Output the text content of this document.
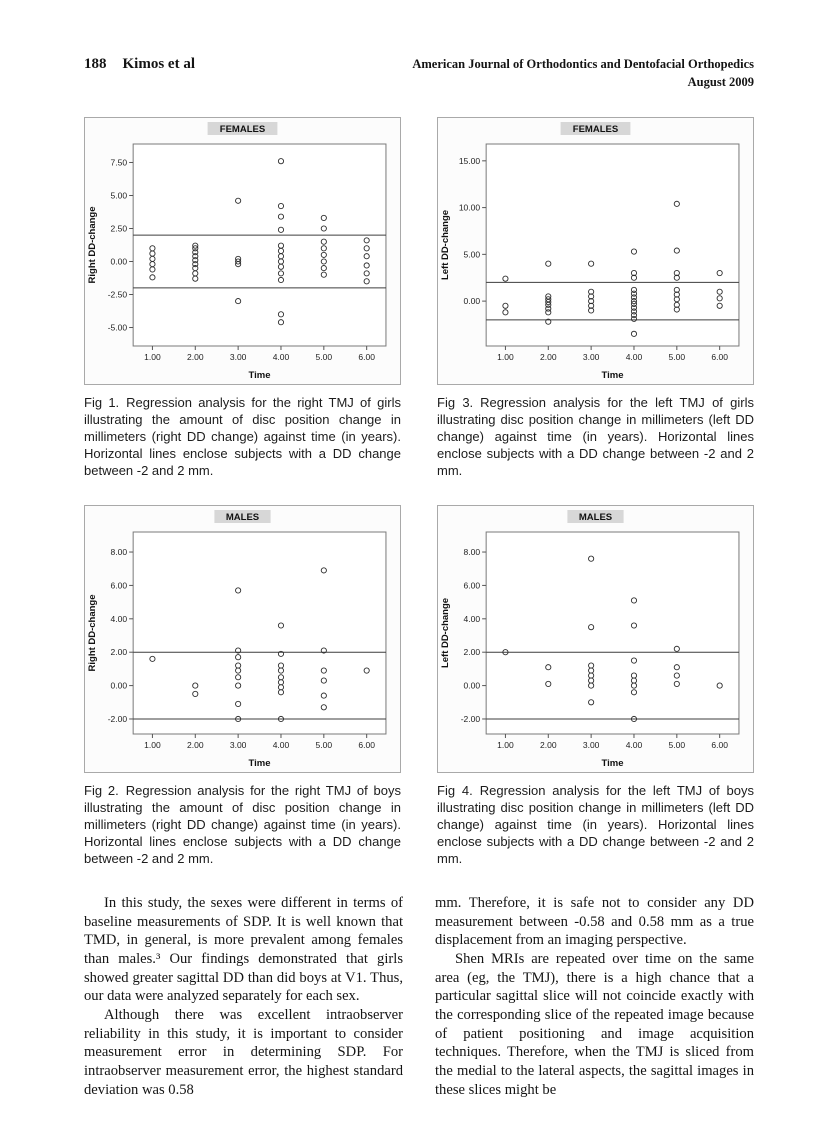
188 Kimos et al	American Journal of Orthodontics and Dentofacial Orthopedics
August 2009
FEMALES
7.50
5.00
2.50
0.00
-2.50
-5.00
1.00	2.00	3.00	4.00	5.00	6.00
Time
Right DD-change
Fig 1. Regression analysis for the right TMJ of girls illustrating the amount of disc position change in millimeters (right DD change) against time (in years). Horizontal lines enclose subjects with a DD change between -2 and 2 mm.
FEMALES
15.00
10.00
5.00
0.00
1.00	2.00	3.00	4.00	5.00	6.00
Time
Left DD-change
Fig 3. Regression analysis for the left TMJ of girls illustrating disc position change in millimeters (left DD change) against time (in years). Horizontal lines enclose subjects with a DD change between -2 and 2 mm.
MALES
8.00
6.00
4.00
2.00
0.00
-2.00
1.00	2.00	3.00	4.00	5.00	6.00
Time
Right DD-change
Fig 2. Regression analysis for the right TMJ of boys illustrating the amount of disc position change in millimeters (right DD change) against time (in years). Horizontal lines enclose subjects with a DD change between -2 and 2 mm.
MALES
8.00
6.00
4.00
2.00
0.00
-2.00
1.00	2.00	3.00	4.00	5.00	6.00
Time
Left DD-change
Fig 4. Regression analysis for the left TMJ of boys illustrating disc position change in millimeters (left DD change) against time (in years). Horizontal lines enclose subjects with a DD change between -2 and 2 mm.

In this study, the sexes were different in terms of baseline measurements of SDP. It is well known that TMD, in general, is more prevalent among females than males.³ Our findings demonstrated that girls showed greater sagittal DD than did boys at V1. Thus, our data were analyzed separately for each sex.

Although there was excellent intraobserver reliability in this study, it is important to consider measurement error in determining SDP. For intraobserver measurement error, the highest standard deviation was 0.58

mm. Therefore, it is safe not to consider any DD measurement between -0.58 and 0.58 mm as a true displacement from an imaging perspective.

Shen MRIs are repeated over time on the same area (eg, the TMJ), there is a high chance that a particular sagittal slice will not coincide exactly with the corresponding slice of the repeated image because of patient positioning and image acquisition techniques. Therefore, when the TMJ is sliced from the medial to the lateral aspects, the sagittal images in these slices might be
